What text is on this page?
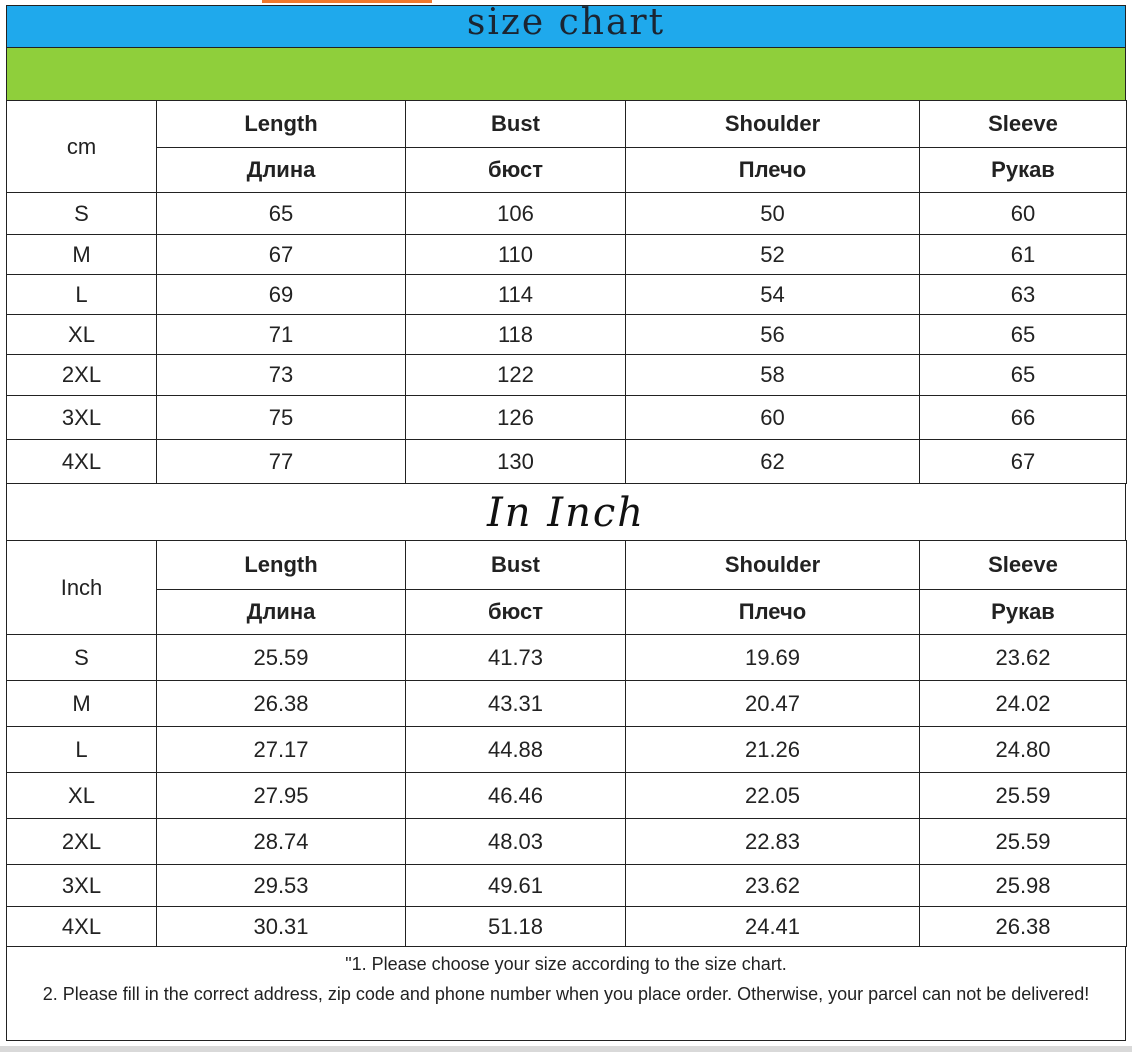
size chart
cm	Length	Bust	Shoulder	Sleeve
	Длина	бюст	Плечо	Рукав
S	65	106	50	60
M	67	110	52	61
L	69	114	54	63
XL	71	118	56	65
2XL	73	122	58	65
3XL	75	126	60	66
4XL	77	130	62	67
In Inch
Inch	Length	Bust	Shoulder	Sleeve
	Длина	бюст	Плечо	Рукав
S	25.59	41.73	19.69	23.62
M	26.38	43.31	20.47	24.02
L	27.17	44.88	21.26	24.80
XL	27.95	46.46	22.05	25.59
2XL	28.74	48.03	22.83	25.59
3XL	29.53	49.61	23.62	25.98
4XL	30.31	51.18	24.41	26.38
"1. Please choose your size according to the size chart.
2. Please fill in the correct address, zip code and phone number when you place order. Otherwise, your parcel can not be delivered!
